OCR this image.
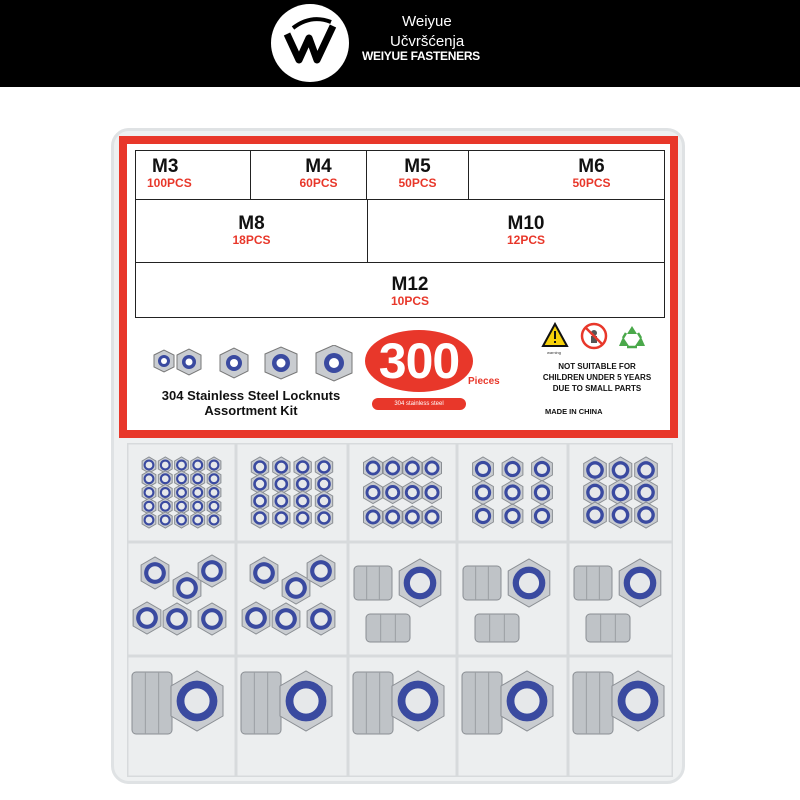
Weiyue
Učvršćenja
WEIYUE FASTENERS
M3
100PCS
M4
60PCS
M5
50PCS
M6
50PCS
M8
18PCS
M10
12PCS
M12
10PCS
304 Stainless Steel Locknuts
Assortment Kit
300 Pieces
304 stainless steel
warning
NOT SUITABLE FOR
CHILDREN UNDER 5 YEARS
DUE TO SMALL PARTS
MADE IN CHINA
